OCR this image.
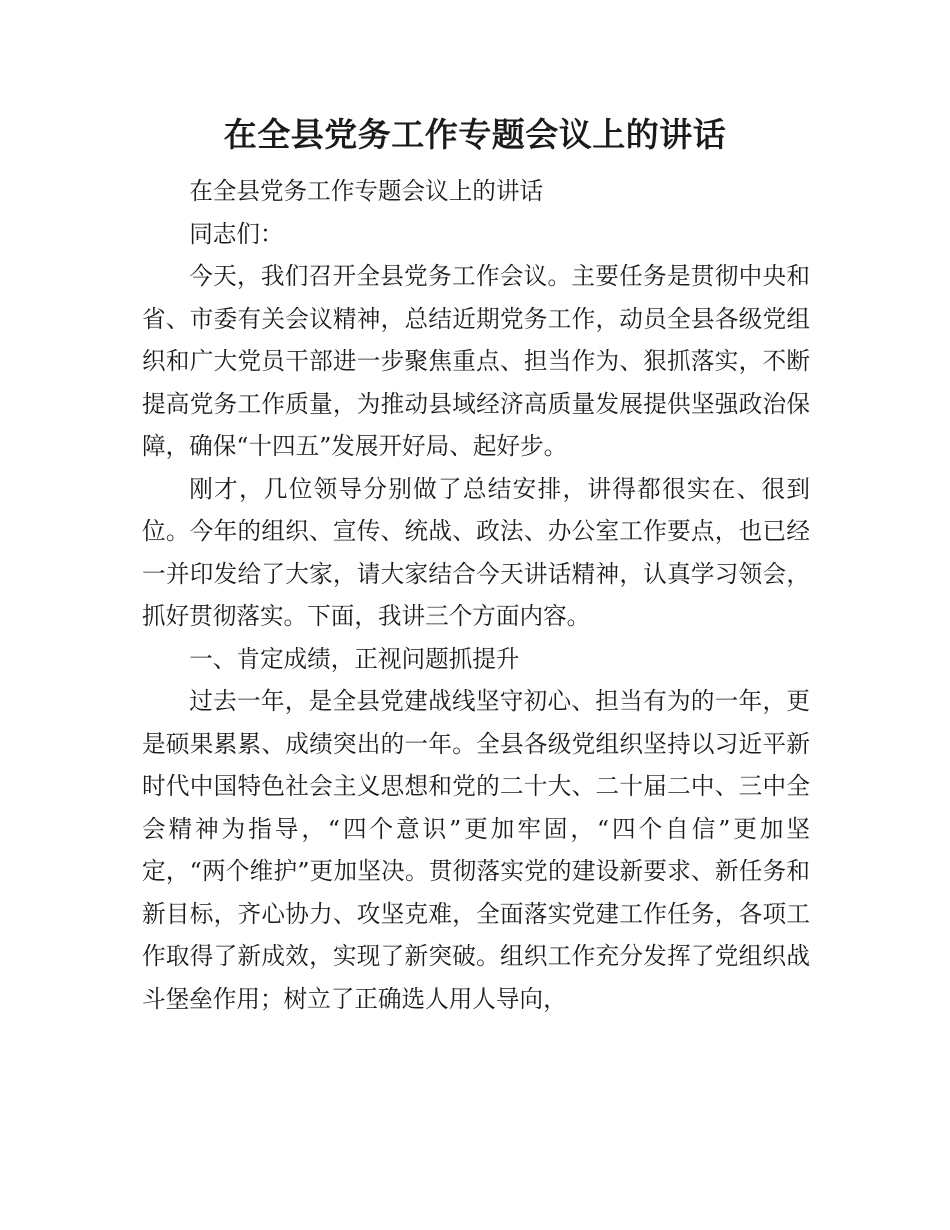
在全县党务工作专题会议上的讲话

在全县党务工作专题会议上的讲话

同志们：

今天，我们召开全县党务工作会议。主要任务是贯彻中央和省、市委有关会议精神，总结近期党务工作，动员全县各级党组织和广大党员干部进一步聚焦重点、担当作为、狠抓落实，不断提高党务工作质量，为推动县域经济高质量发展提供坚强政治保障，确保“十四五”发展开好局、起好步。

刚才，几位领导分别做了总结安排，讲得都很实在、很到位。今年的组织、宣传、统战、政法、办公室工作要点，也已经一并印发给了大家，请大家结合今天讲话精神，认真学习领会，抓好贯彻落实。下面，我讲三个方面内容。

一、肯定成绩，正视问题抓提升

过去一年，是全县党建战线坚守初心、担当有为的一年，更是硕果累累、成绩突出的一年。全县各级党组织坚持以习近平新时代中国特色社会主义思想和党的二十大、二十届二中、三中全会精神为指导，“四个意识”更加牢固，“四个自信”更加坚定，“两个维护”更加坚决。贯彻落实党的建设新要求、新任务和新目标，齐心协力、攻坚克难，全面落实党建工作任务，各项工作取得了新成效，实现了新突破。组织工作充分发挥了党组织战斗堡垒作用；树立了正确选人用人导向，
